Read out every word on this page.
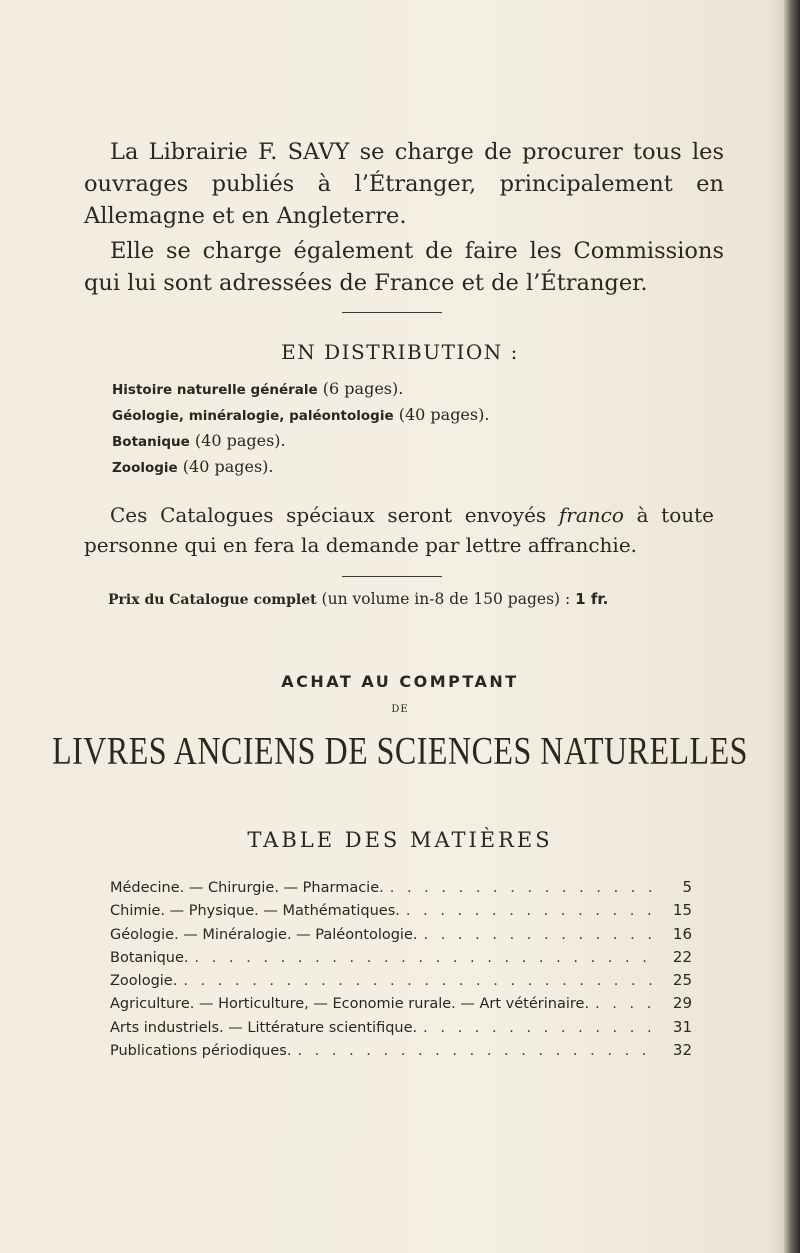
La Librairie F. SAVY se charge de procurer tous les ouvrages publiés à l’Étranger, principalement en Allemagne et en Angleterre.

Elle se charge également de faire les Commissions qui lui sont adressées de France et de l’Étranger.

EN DISTRIBUTION :
Histoire naturelle générale (6 pages).
Géologie, minéralogie, paléontologie (40 pages).
Botanique (40 pages).
Zoologie (40 pages).

Ces Catalogues spéciaux seront envoyés franco à toute personne qui en fera la demande par lettre affranchie.

Prix du Catalogue complet (un volume in-8 de 150 pages) : 1 fr.
ACHAT AU COMPTANT
DE
LIVRES ANCIENS DE SCIENCES NATURELLES
TABLE DES MATIÈRES
Médecine. — Chirurgie. — Pharmacie. . . .	5
Chimie. — Physique. — Mathématiques. . . .	15
Géologie. — Minéralogie. — Paléontologie. . . .	16
Botanique. . . .	22
Zoologie. . . .	25
Agriculture. — Horticulture, — Economie rurale. — Art vétérinaire. . . .	29
Arts industriels. — Littérature scientifique. . . .	31
Publications périodiques. . . .	32
